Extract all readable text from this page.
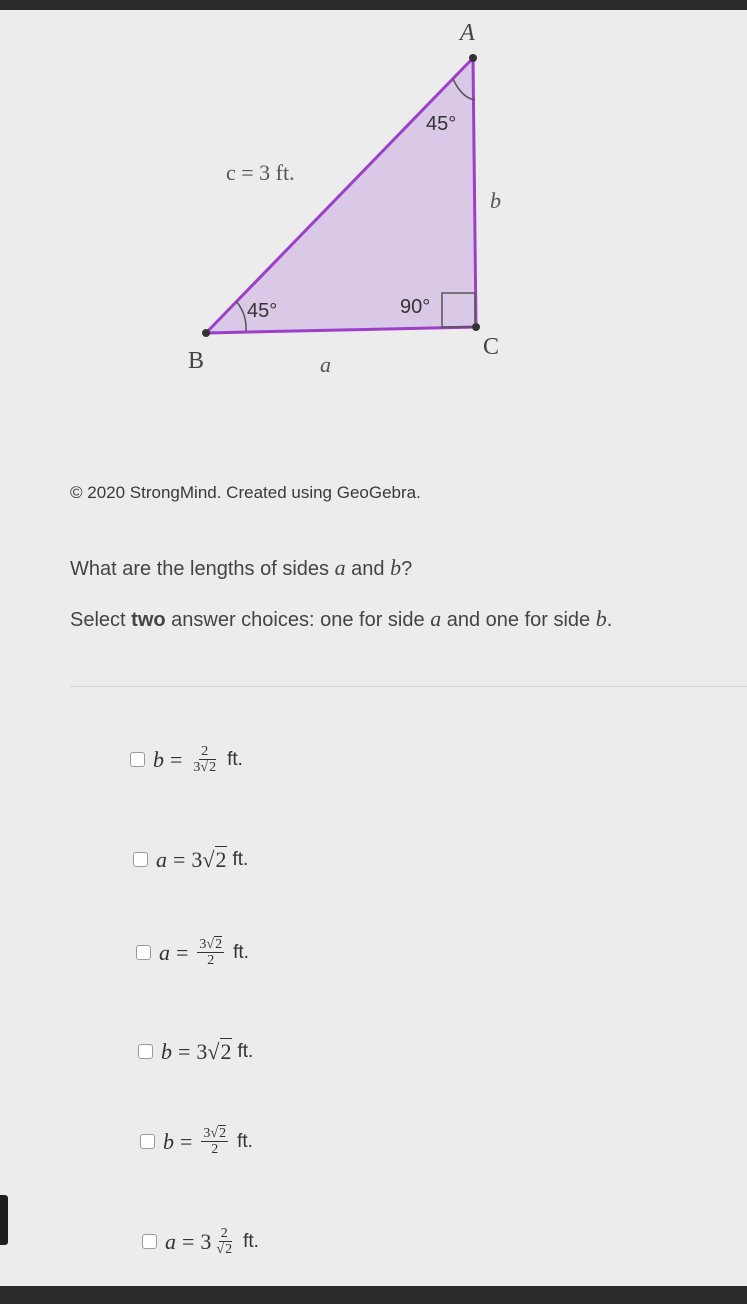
A
B
C
a
b
c = 3 ft.
45°
45°	90°
© 2020 StrongMind. Created using GeoGebra.
What are the lengths of sides a and b?
Select two answer choices: one for side a and one for side b.
$b = \frac{2}{3√2}$ ft.
a = 3 √ 2 ft.
$a = \frac{3√2}{2}$ ft.
b = 3 √ 2 ft.
$b = \frac{3√2}{2}$ ft.
$a = 3 \frac{2}{√2}$ ft.
